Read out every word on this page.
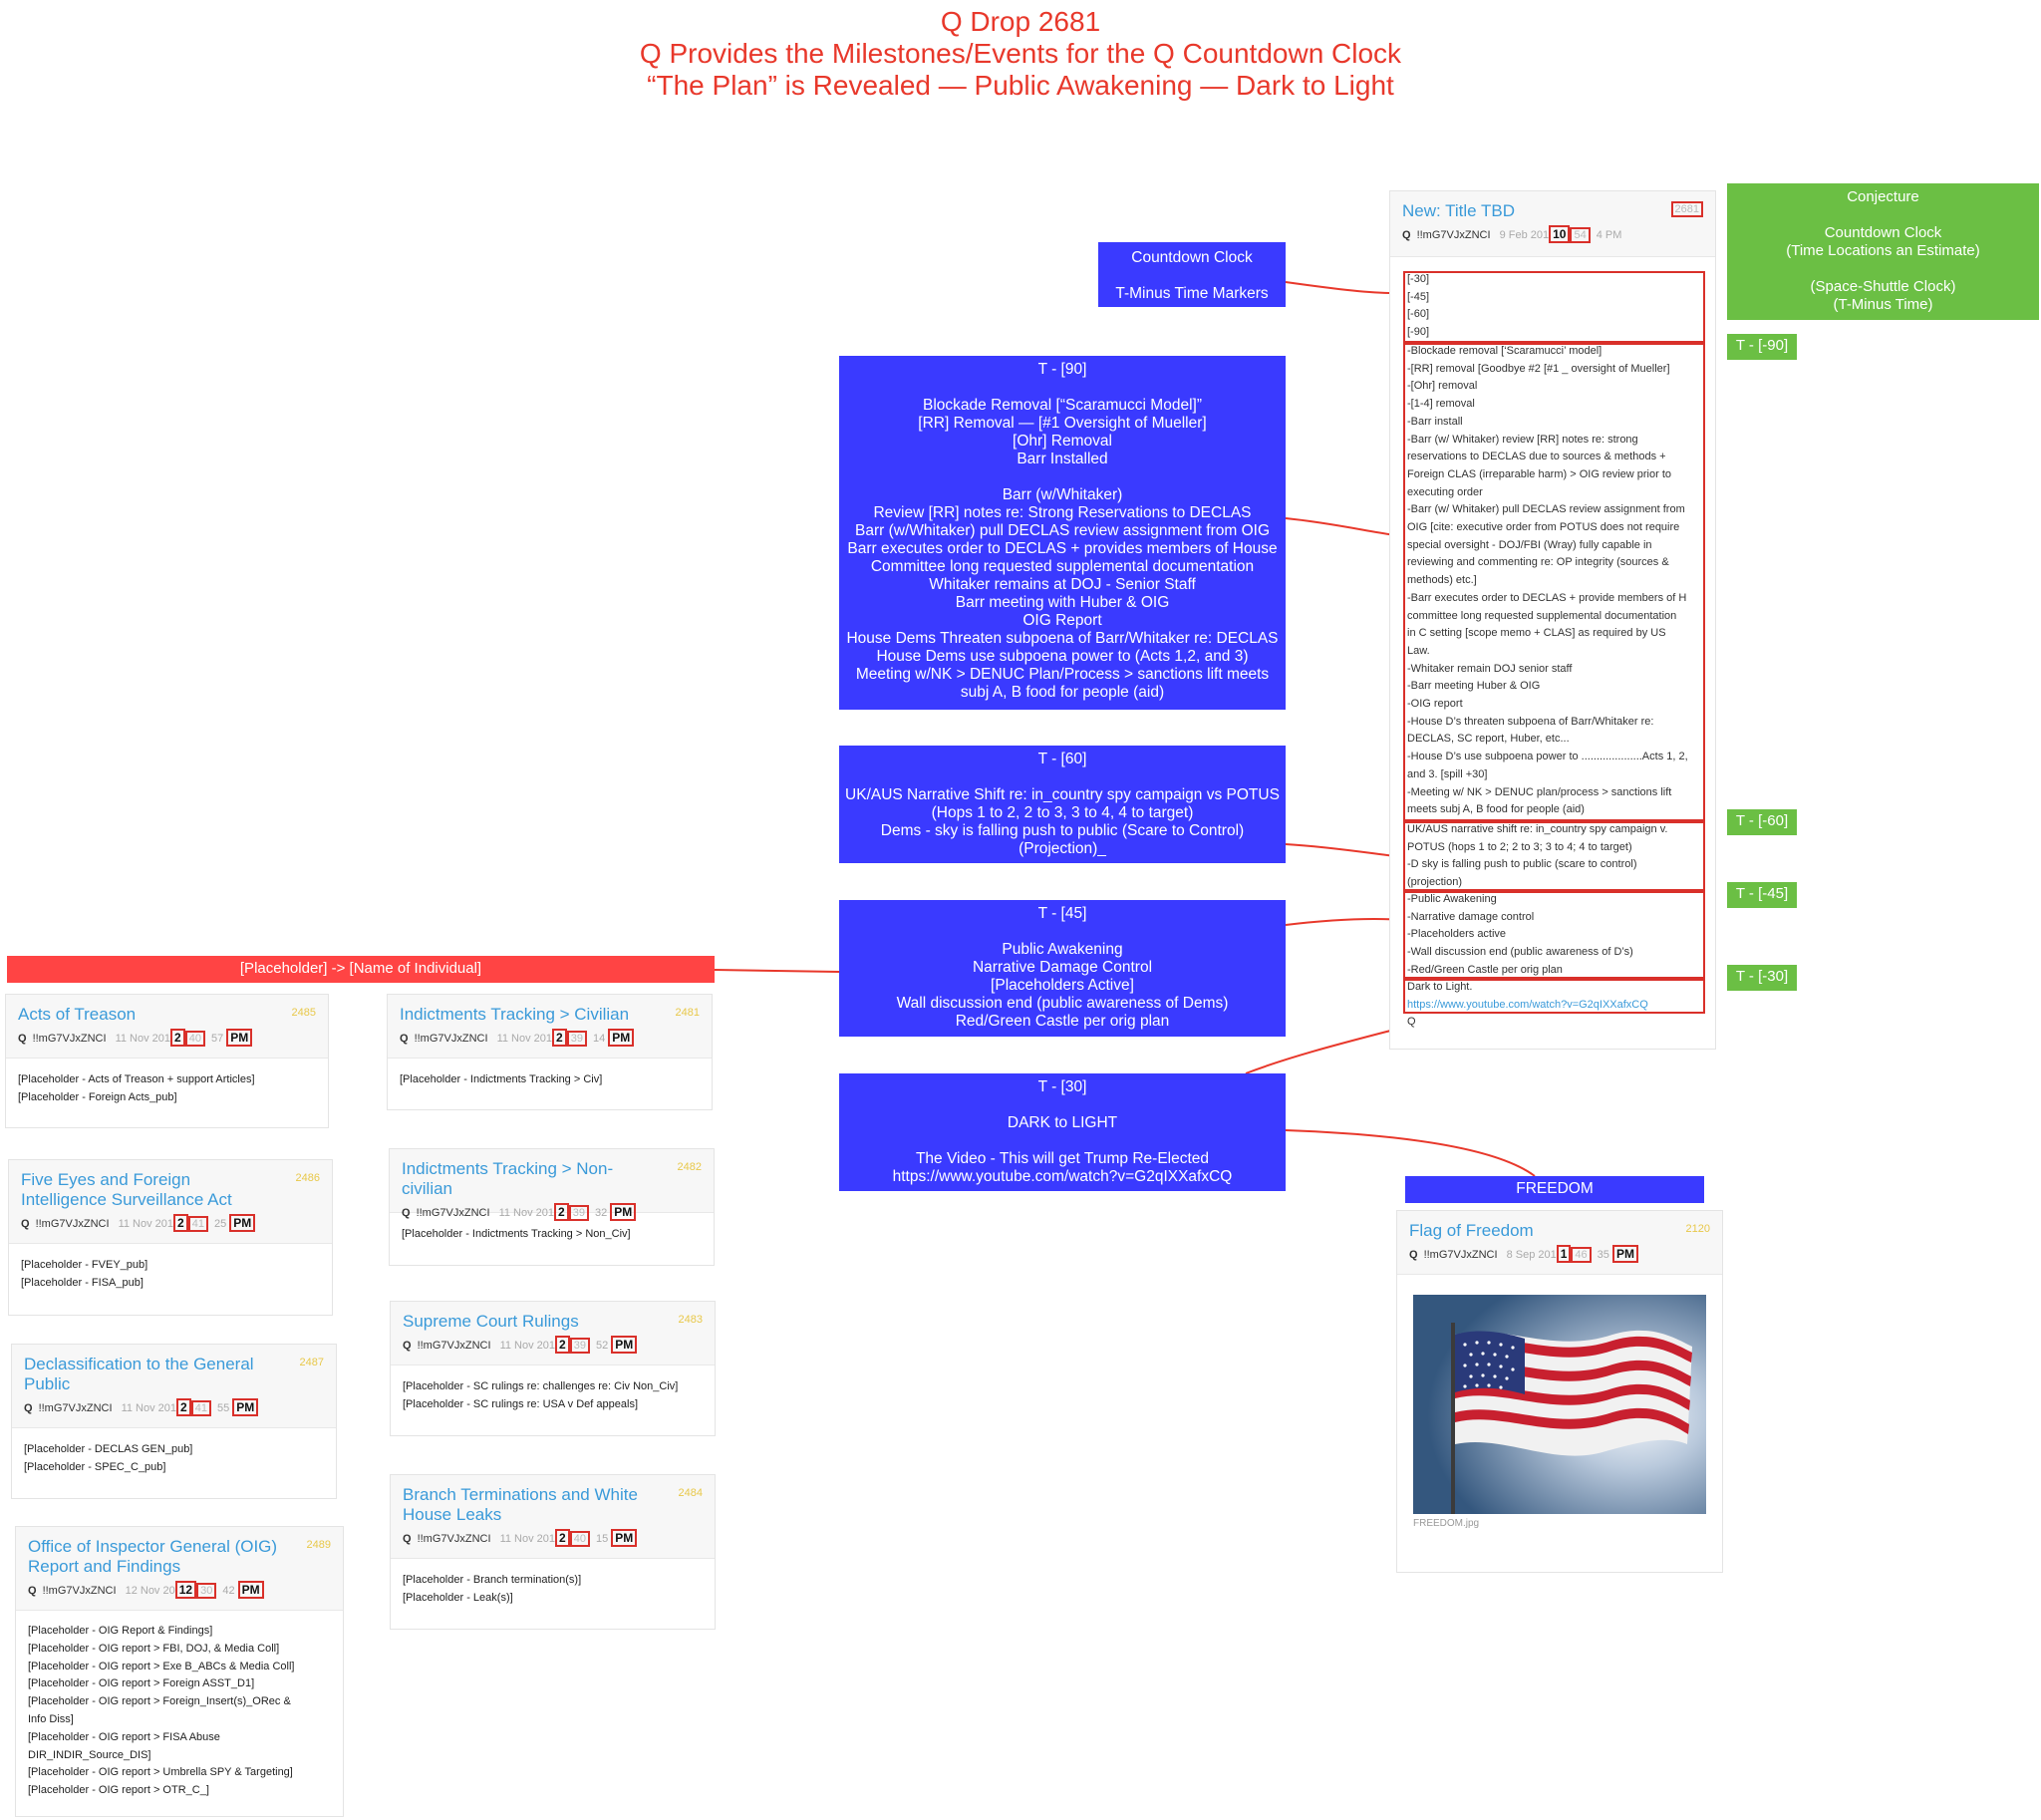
Q Drop 2681
Q Provides the Milestones/Events for the Q Countdown Clock
“The Plan” is Revealed — Public Awakening — Dark to Light
Conjecture
Countdown Clock
(Time Locations an Estimate)
(Space-Shuttle Clock)
(T-Minus Time)
T - [-90]
T - [-60]
T - [-45]
T - [-30]
Countdown Clock
T-Minus Time Markers
T - [90]
Blockade Removal [“Scaramucci Model]”
[RR] Removal — [#1 Oversight of Mueller]
[Ohr] Removal
Barr Installed
Barr (w/Whitaker)
Review [RR] notes re: Strong Reservations to DECLAS
Barr (w/Whitaker) pull DECLAS review assignment from OIG
Barr executes order to DECLAS + provides members of House
Committee long requested supplemental documentation
Whitaker remains at DOJ - Senior Staff
Barr meeting with Huber & OIG
OIG Report
House Dems Threaten subpoena of Barr/Whitaker re: DECLAS
House Dems use subpoena power to (Acts 1,2, and 3)
Meeting w/NK > DENUC Plan/Process > sanctions lift meets
subj A, B food for people (aid)
T - [60]
UK/AUS Narrative Shift re: in_country spy campaign vs POTUS
(Hops 1 to 2, 2 to 3, 3 to 4, 4 to target)
Dems - sky is falling push to public (Scare to Control)
(Projection)_
T - [45]
Public Awakening
Narrative Damage Control
[Placeholders Active]
Wall discussion end (public awareness of Dems)
Red/Green Castle per orig plan
T - [30]
DARK to LIGHT
The Video - This will get Trump Re-Elected
https://www.youtube.com/watch?v=G2qIXXafxCQ
FREEDOM
[Placeholder] -> [Name of Individual]
New: Title TBD	2681
Q !!mG7VJxZNCI 9 Feb 201 10 54 4 PM
[-30]
[-45]
[-60]
[-90]
-Blockade removal [‘Scaramucci’ model]
-[RR] removal [Goodbye #2 [#1 _ oversight of Mueller]
-[Ohr] removal
-[1-4] removal
-Barr install
-Barr (w/ Whitaker) review [RR] notes re: strong
reservations to DECLAS due to sources & methods +
Foreign CLAS (irreparable harm) > OIG review prior to
executing order
-Barr (w/ Whitaker) pull DECLAS review assignment from
OIG [cite: executive order from POTUS does not require
special oversight - DOJ/FBI (Wray) fully capable in
reviewing and commenting re: OP integrity (sources &
methods) etc.]
-Barr executes order to DECLAS + provide members of H
committee long requested supplemental documentation
in C setting [scope memo + CLAS] as required by US
Law.
-Whitaker remain DOJ senior staff
-Barr meeting Huber & OIG
-OIG report
-House D’s threaten subpoena of Barr/Whitaker re:
DECLAS, SC report, Huber, etc...
-House D’s use subpoena power to ....................Acts 1, 2,
and 3. [spill +30]
-Meeting w/ NK > DENUC plan/process > sanctions lift
meets subj A, B food for people (aid)
UK/AUS narrative shift re: in_country spy campaign v.
POTUS (hops 1 to 2; 2 to 3; 3 to 4; 4 to target)
-D sky is falling push to public (scare to control)
(projection)
-Public Awakening
-Narrative damage control
-Placeholders active
-Wall discussion end (public awareness of D’s)
-Red/Green Castle per orig plan
Dark to Light.
https://www.youtube.com/watch?v=G2qIXXafxCQ
Q
Flag of Freedom	2120
Q !!mG7VJxZNCI 8 Sep 201 1 46 35 PM
FREEDOM.jpg
Acts of Treason	2485
Q !!mG7VJxZNCI 11 Nov 201 2 40 57 PM
[Placeholder - Acts of Treason + support Articles]
[Placeholder - Foreign Acts_pub]
Five Eyes and Foreign Intelligence Surveillance Act
2486
Q !!mG7VJxZNCI 11 Nov 201 2 41 25 PM
[Placeholder - FVEY_pub]
[Placeholder - FISA_pub]
Declassification to the General Public
2487
Q !!mG7VJxZNCI 11 Nov 201 2 41 55 PM
[Placeholder - DECLAS GEN_pub]
[Placeholder - SPEC_C_pub]
Office of Inspector General (OIG) Report and Findings
2489
Q !!mG7VJxZNCI 12 Nov 20 12 30 42 PM
[Placeholder - OIG Report & Findings]
[Placeholder - OIG report > FBI, DOJ, & Media Coll]
[Placeholder - OIG report > Exe B_ABCs & Media Coll]
[Placeholder - OIG report > Foreign ASST_D1]
[Placeholder - OIG report > Foreign_Insert(s)_ORec &
Info Diss]
[Placeholder - OIG report > FISA Abuse
DIR_INDIR_Source_DIS]
[Placeholder - OIG report > Umbrella SPY & Targeting]
[Placeholder - OIG report > OTR_C_]
Indictments Tracking > Civilian	2481
Q !!mG7VJxZNCI 11 Nov 201 2 39 14 PM
[Placeholder - Indictments Tracking > Civ]
Indictments Tracking > Non-civilian
2482
Q !!mG7VJxZNCI 11 Nov 201 2 39 32 PM
[Placeholder - Indictments Tracking > Non_Civ]
Supreme Court Rulings	2483
Q !!mG7VJxZNCI 11 Nov 201 2 39 52 PM
[Placeholder - SC rulings re: challenges re: Civ Non_Civ]
[Placeholder - SC rulings re: USA v Def appeals]
Branch Terminations and White House Leaks
2484
Q !!mG7VJxZNCI 11 Nov 201 2 40 15 PM
[Placeholder - Branch termination(s)]
[Placeholder - Leak(s)]
